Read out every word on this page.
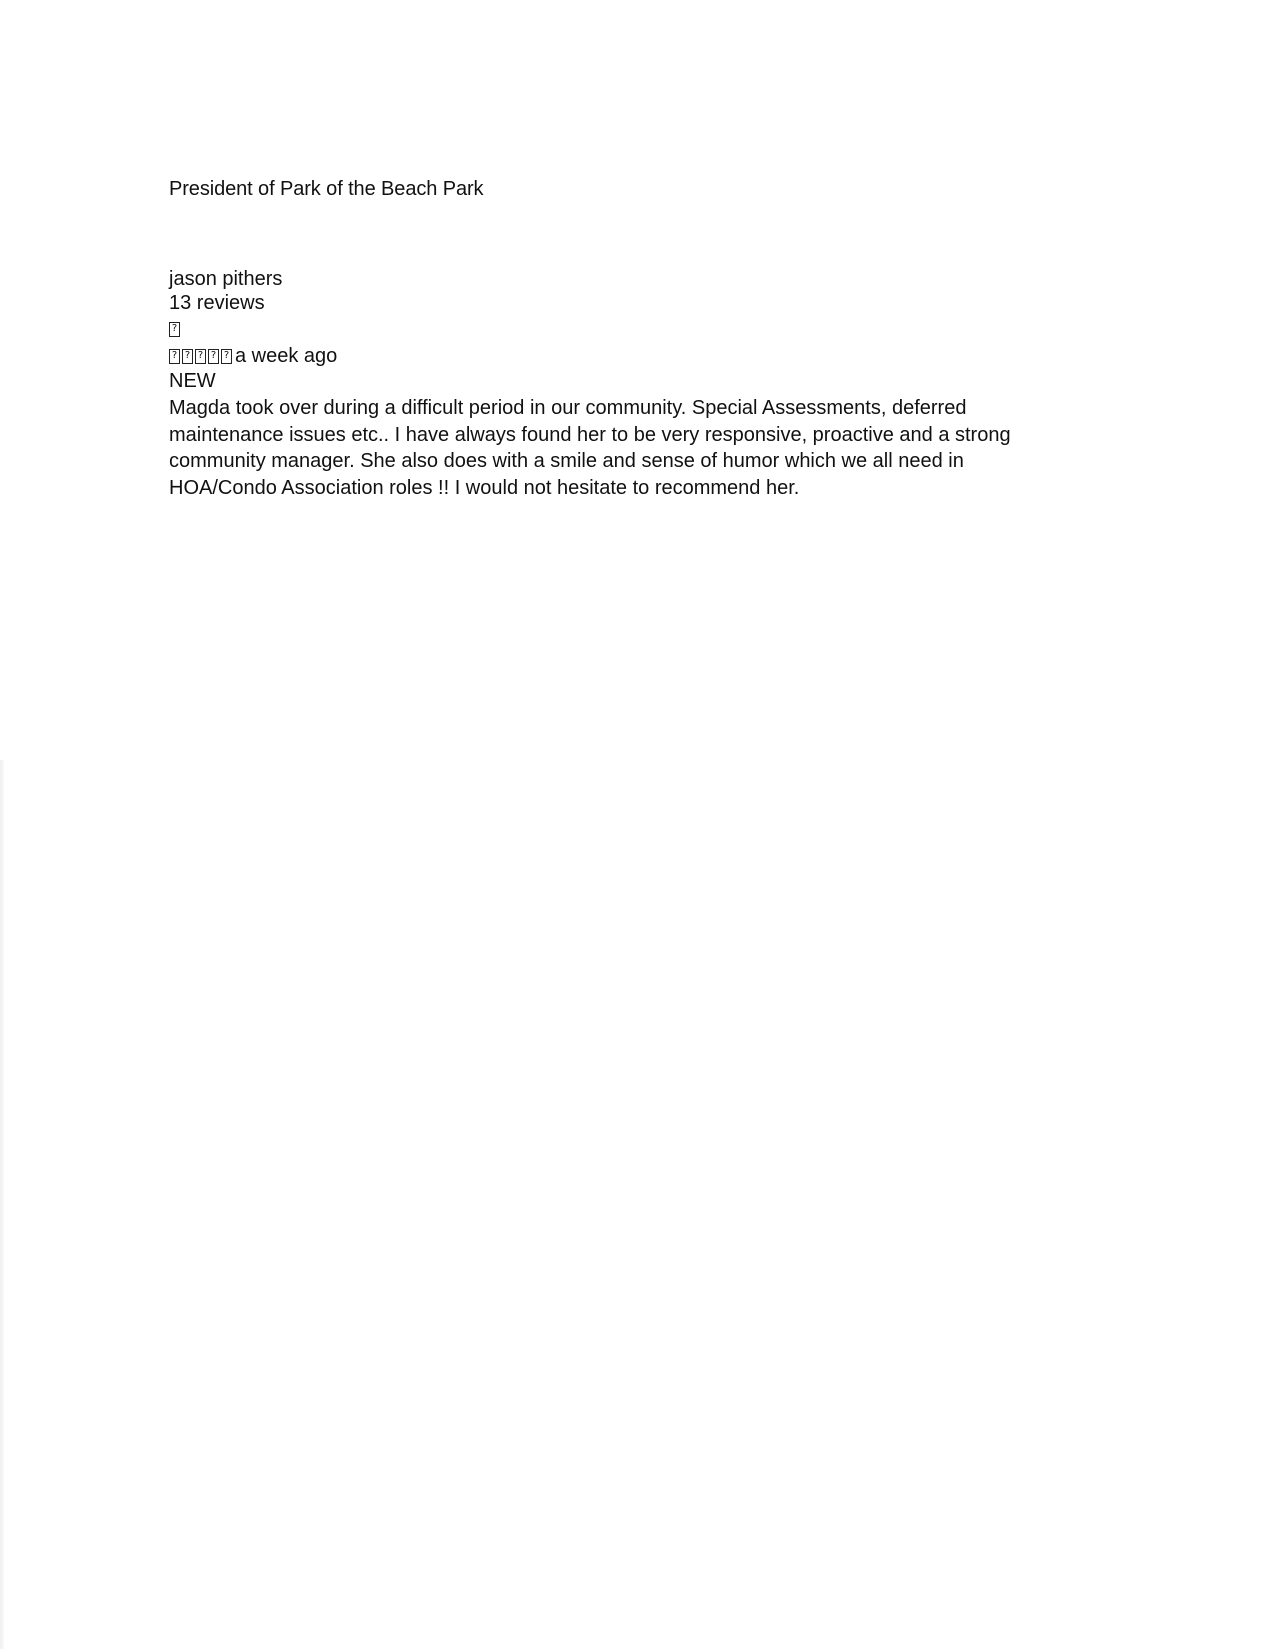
President of Park of the Beach Park
jason pithers
13 reviews
?
?
?
?
?
?
a week ago
NEW
Magda took over during a difficult period in our community. Special Assessments, deferred
maintenance issues etc.. I have always found her to be very responsive, proactive and a strong
community manager. She also does with a smile and sense of humor which we all need in
HOA/Condo Association roles !! I would not hesitate to recommend her.
